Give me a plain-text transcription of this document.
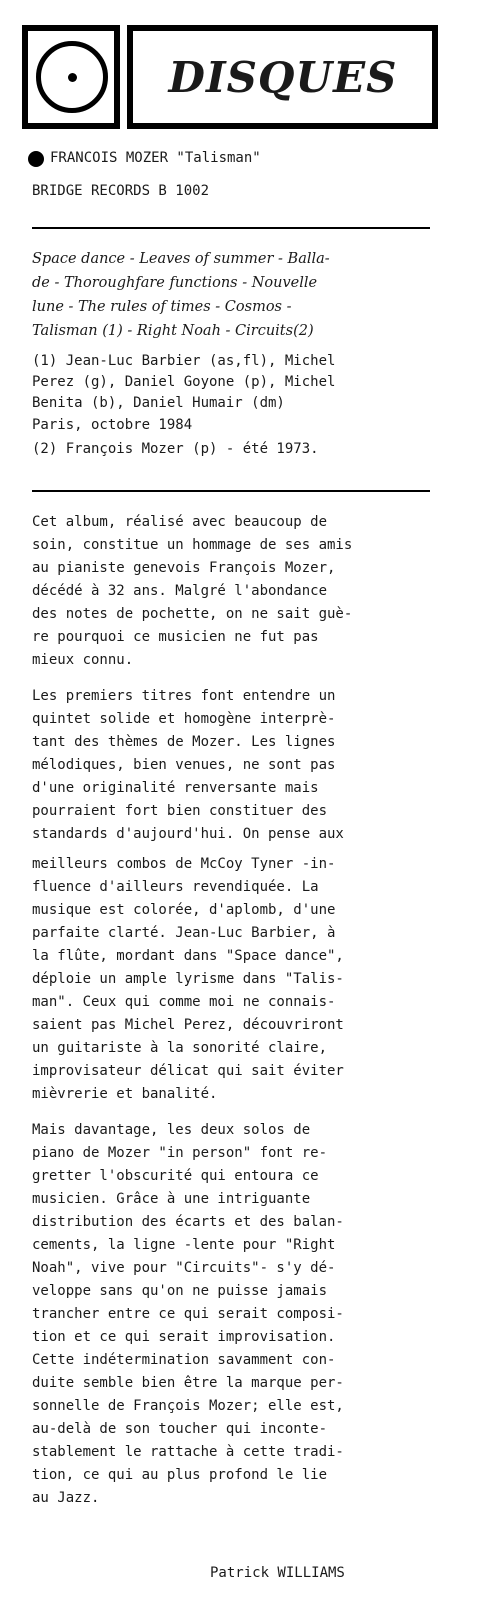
DISQUES
FRANCOIS MOZER "Talisman"
BRIDGE RECORDS B 1002
Space dance - Leaves of summer - Balla-
de - Thoroughfare functions - Nouvelle
lune - The rules of times - Cosmos -
Talisman (1) - Right Noah - Circuits(2)
(1) Jean-Luc Barbier (as,fl), Michel
Perez (g), Daniel Goyone (p), Michel
Benita (b), Daniel Humair (dm)
Paris, octobre 1984
(2) François Mozer (p) - été 1973.
Cet album, réalisé avec beaucoup de
soin, constitue un hommage de ses amis
au pianiste genevois François Mozer,
décédé à 32 ans. Malgré l'abondance
des notes de pochette, on ne sait guè-
re pourquoi ce musicien ne fut pas
mieux connu.
Les premiers titres font entendre un
quintet solide et homogène interprè-
tant des thèmes de Mozer. Les lignes
mélodiques, bien venues, ne sont pas
d'une originalité renversante mais
pourraient fort bien constituer des
standards d'aujourd'hui. On pense aux
meilleurs combos de McCoy Tyner -in-
fluence d'ailleurs revendiquée. La
musique est colorée, d'aplomb, d'une
parfaite clarté. Jean-Luc Barbier, à
la flûte, mordant dans "Space dance",
déploie un ample lyrisme dans "Talis-
man". Ceux qui comme moi ne connais-
saient pas Michel Perez, découvriront
un guitariste à la sonorité claire,
improvisateur délicat qui sait éviter
mièvrerie et banalité.
Mais davantage, les deux solos de
piano de Mozer "in person" font re-
gretter l'obscurité qui entoura ce
musicien. Grâce à une intriguante
distribution des écarts et des balan-
cements, la ligne -lente pour "Right
Noah", vive pour "Circuits"- s'y dé-
veloppe sans qu'on ne puisse jamais
trancher entre ce qui serait composi-
tion et ce qui serait improvisation.
Cette indétermination savamment con-
duite semble bien être la marque per-
sonnelle de François Mozer; elle est,
au-delà de son toucher qui inconte-
stablement le rattache à cette tradi-
tion, ce qui au plus profond le lie
au Jazz.
Patrick WILLIAMS
